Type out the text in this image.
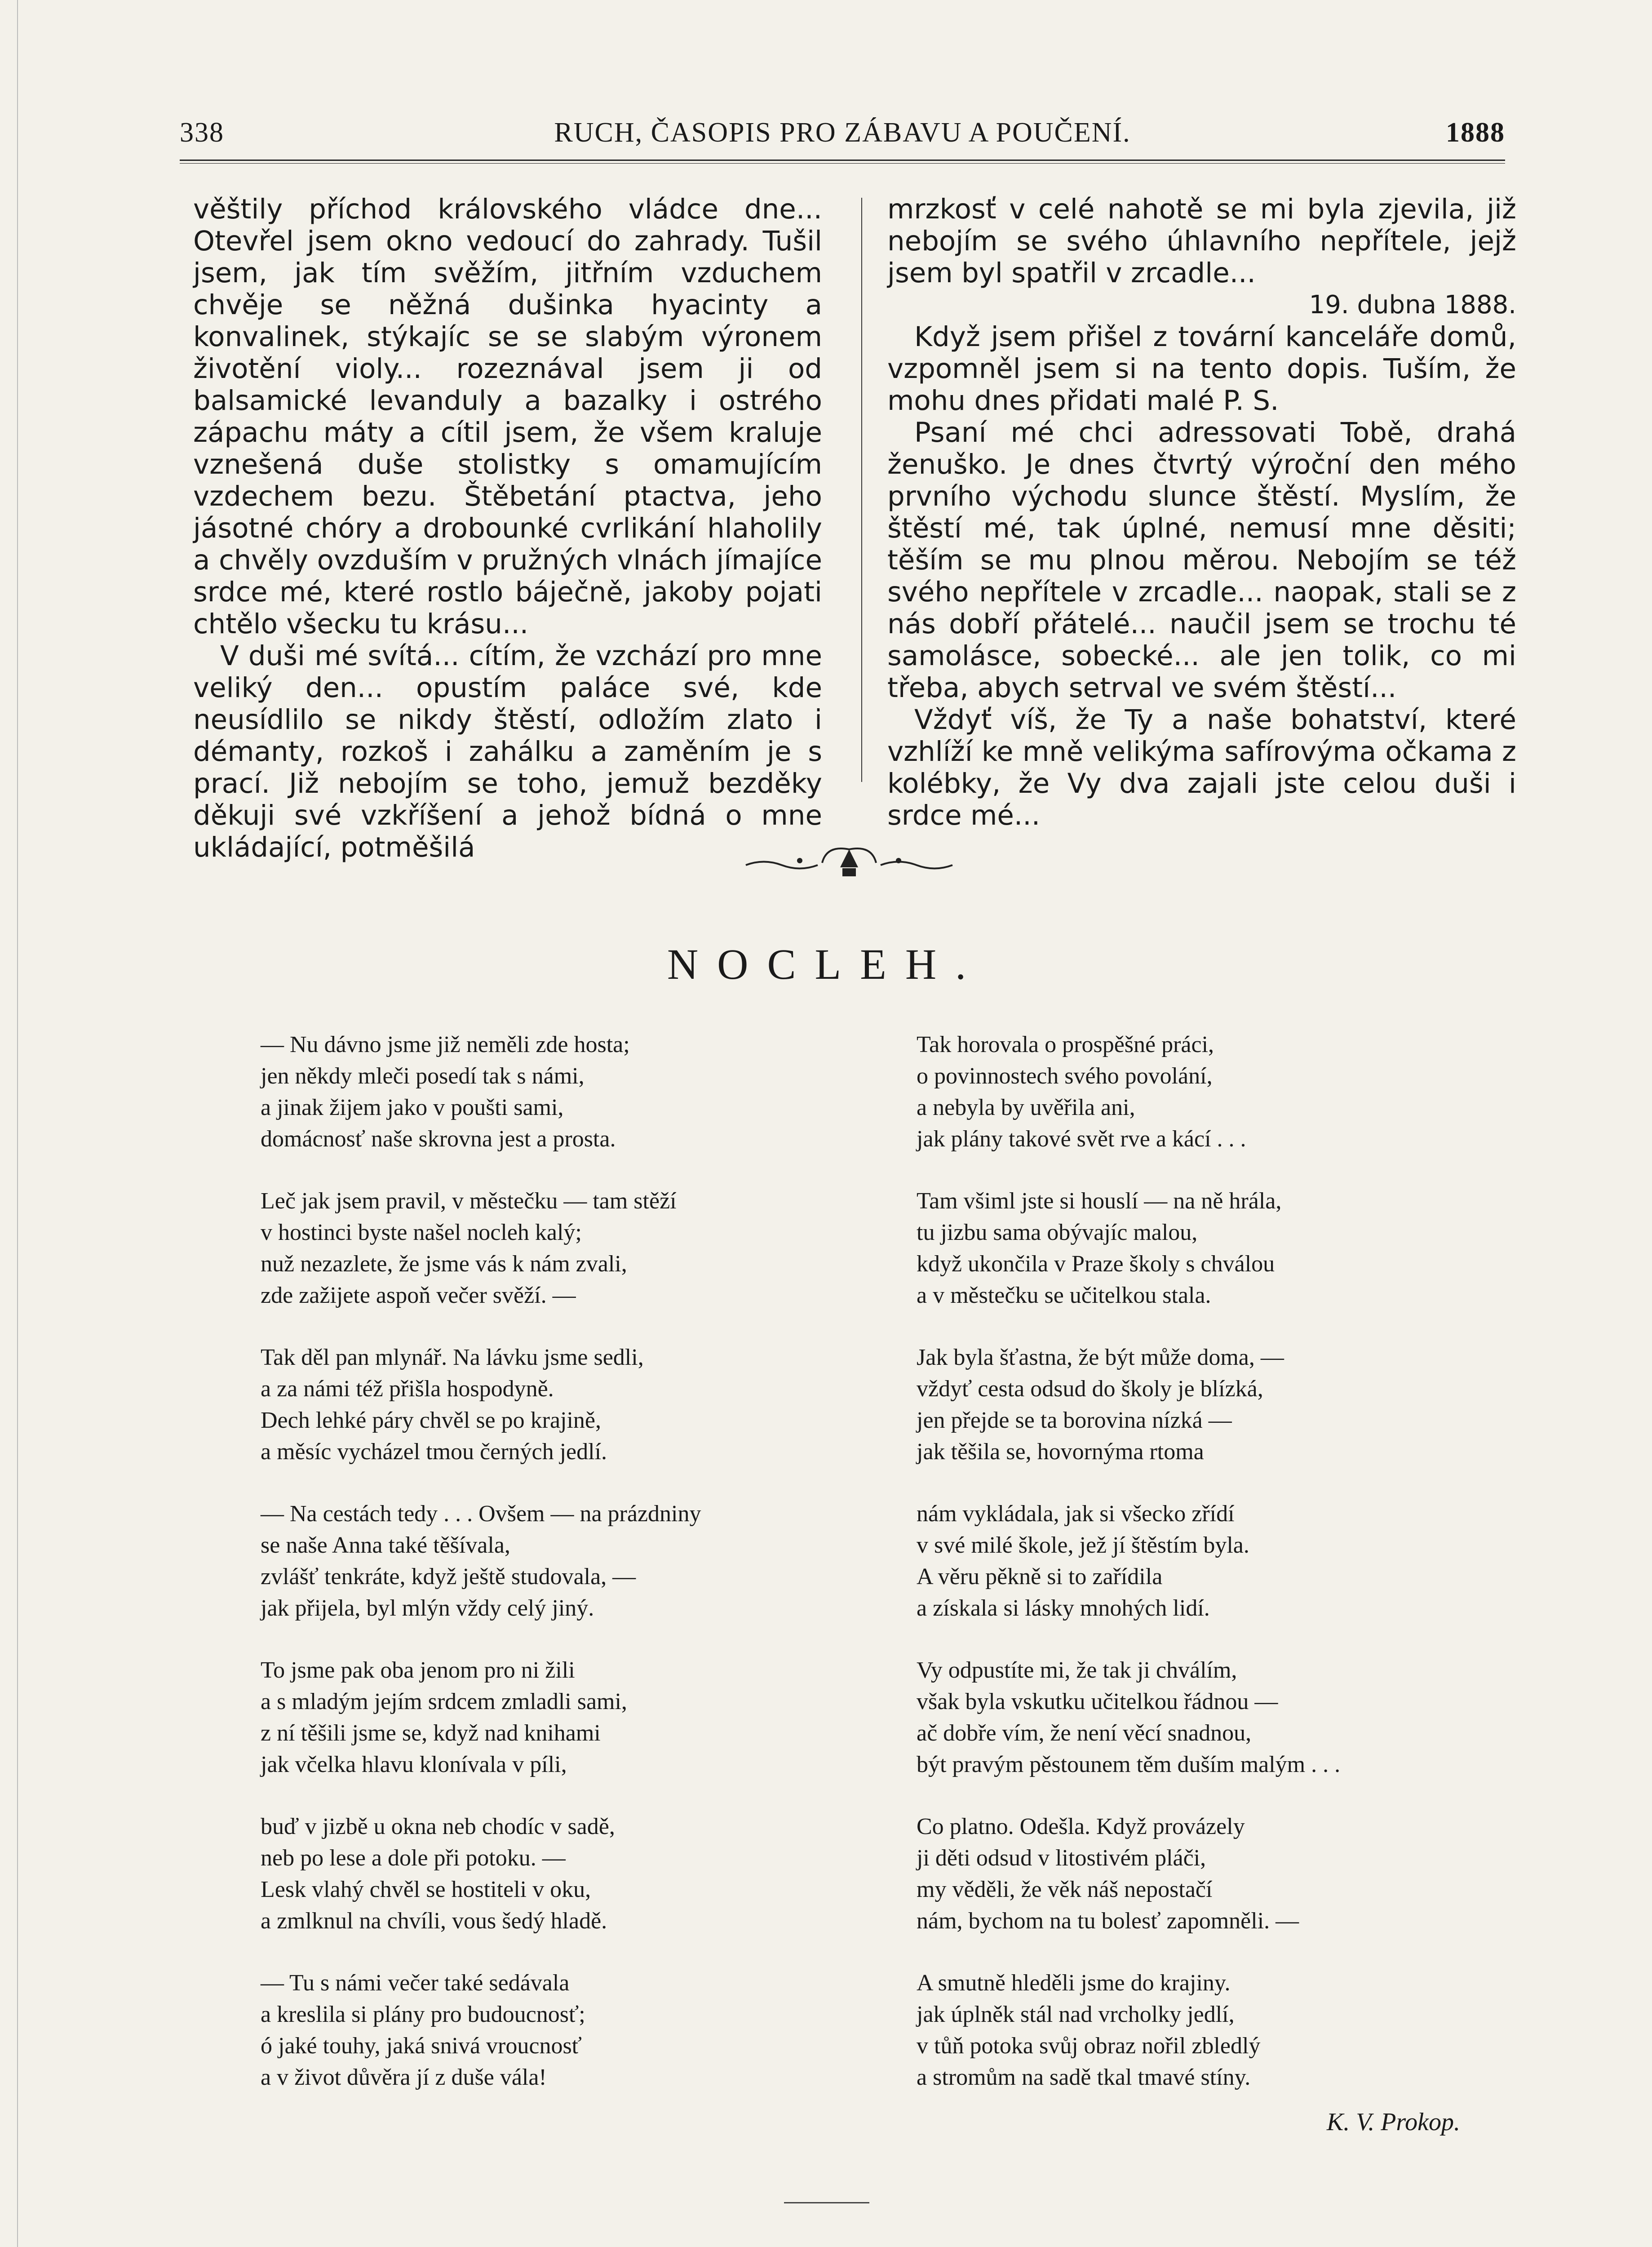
338	RUCH, ČASOPIS PRO ZÁBAVU A POUČENÍ.	1888

věštily příchod královského vládce dne... Otevřel jsem okno vedoucí do zahrady. Tušil jsem, jak tím svěžím, jitřním vzduchem chvěje se něžná dušinka hyacinty a konvalinek, stýkajíc se se slabým výronem životění violy... rozeznával jsem ji od balsamické levanduly a bazalky i ostrého zápachu máty a cítil jsem, že všem kraluje vznešená duše stolistky s omamujícím vzdechem bezu. Štěbetání ptactva, jeho jásotné chóry a drobounké cvrlikání hlaholily a chvěly ovzduším v pružných vlnách jímajíce srdce mé, které rostlo báječně, jakoby pojati chtělo všecku tu krásu...

V duši mé svítá... cítím, že vzchází pro mne veliký den... opustím paláce své, kde neusídlilo se nikdy štěstí, odložím zlato i démanty, rozkoš i zahálku a zaměním je s prací. Již nebojím se toho, jemuž bezděky děkuji své vzkříšení a jehož bídná o mne ukládající, potměšilá

mrzkosť v celé nahotě se mi byla zjevila, již nebojím se svého úhlavního nepřítele, jejž jsem byl spatřil v zrcadle...

19. dubna 1888.

Když jsem přišel z tovární kanceláře domů, vzpomněl jsem si na tento dopis. Tuším, že mohu dnes přidati malé P. S.

Psaní mé chci adressovati Tobě, drahá ženuško. Je dnes čtvrtý výroční den mého prvního východu slunce štěstí. Myslím, že štěstí mé, tak úplné, nemusí mne děsiti; těším se mu plnou měrou. Nebojím se též svého nepřítele v zrcadle... naopak, stali se z nás dobří přátelé... naučil jsem se trochu té samolásce, sobecké... ale jen tolik, co mi třeba, abych setrval ve svém štěstí...

Vždyť víš, že Ty a naše bohatství, které vzhlíží ke mně velikýma safírovýma očkama z kolébky, že Vy dva zajali jste celou duši i srdce mé...

NOCLEH.
— Nu dávno jsme již neměli zde hosta;
jen někdy mleči posedí tak s námi,
a jinak žijem jako v poušti sami,
domácnosť naše skrovna jest a prosta.
Leč jak jsem pravil, v městečku — tam stěží
v hostinci byste našel nocleh kalý;
nuž nezazlete, že jsme vás k nám zvali,
zde zažijete aspoň večer svěží. —
Tak děl pan mlynář. Na lávku jsme sedli,
a za námi též přišla hospodyně.
Dech lehké páry chvěl se po krajině,
a měsíc vycházel tmou černých jedlí.
— Na cestách tedy . . . Ovšem — na prázdniny
se naše Anna také těšívala,
zvlášť tenkráte, když ještě studovala, —
jak přijela, byl mlýn vždy celý jiný.
To jsme pak oba jenom pro ni žili
a s mladým jejím srdcem zmladli sami,
z ní těšili jsme se, když nad knihami
jak včelka hlavu klonívala v píli,
buď v jizbě u okna neb chodíc v sadě,
neb po lese a dole při potoku. —
Lesk vlahý chvěl se hostiteli v oku,
a zmlknul na chvíli, vous šedý hladě.
— Tu s námi večer také sedávala
a kreslila si plány pro budoucnosť;
ó jaké touhy, jaká snivá vroucnosť
a v život důvěra jí z duše vála!
Tak horovala o prospěšné práci,
o povinnostech svého povolání,
a nebyla by uvěřila ani,
jak plány takové svět rve a kácí . . .
Tam všiml jste si houslí — na ně hrála,
tu jizbu sama obývajíc malou,
když ukončila v Praze školy s chválou
a v městečku se učitelkou stala.
Jak byla šťastna, že být může doma, —
vždyť cesta odsud do školy je blízká,
jen přejde se ta borovina nízká —
jak těšila se, hovornýma rtoma
nám vykládala, jak si všecko zřídí
v své milé škole, jež jí štěstím byla.
A věru pěkně si to zařídila
a získala si lásky mnohých lidí.
Vy odpustíte mi, že tak ji chválím,
však byla vskutku učitelkou řádnou —
ač dobře vím, že není věcí snadnou,
být pravým pěstounem těm duším malým . . .
Co platno. Odešla. Když provázely
ji děti odsud v litostivém pláči,
my věděli, že věk náš nepostačí
nám, bychom na tu bolesť zapomněli. —
A smutně hleděli jsme do krajiny.
jak úplněk stál nad vrcholky jedlí,
v tůň potoka svůj obraz nořil zbledlý
a stromům na sadě tkal tmavé stíny.
K. V. Prokop.
